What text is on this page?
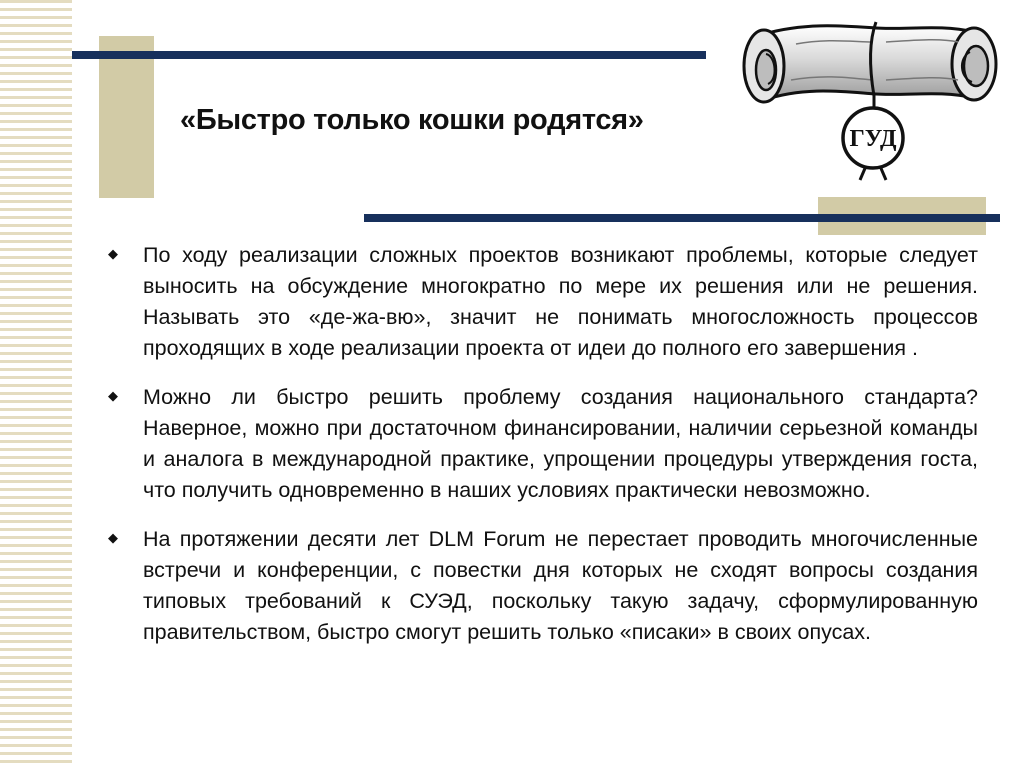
«Быстро только кошки родятся»
ГУД
◆ По ходу реализации сложных проектов возникают проблемы, которые следует выносить на обсуждение многократно по мере их решения или не решения. Называть это «де-жа-вю», значит не понимать многосложность процессов проходящих в ходе реализации проекта от идеи до полного его завершения .
◆ Можно ли быстро решить проблему создания национального стандарта? Наверное, можно при достаточном финансировании, наличии серьезной команды и аналога в международной практике, упрощении процедуры утверждения госта, что получить одновременно в наших условиях практически невозможно.
◆ На протяжении десяти лет DLM Forum не перестает проводить многочисленные встречи и конференции, с повестки дня которых не сходят вопросы создания типовых требований к СУЭД, поскольку такую задачу, сформулированную правительством, быстро смогут решить только «писаки» в своих опусах.
